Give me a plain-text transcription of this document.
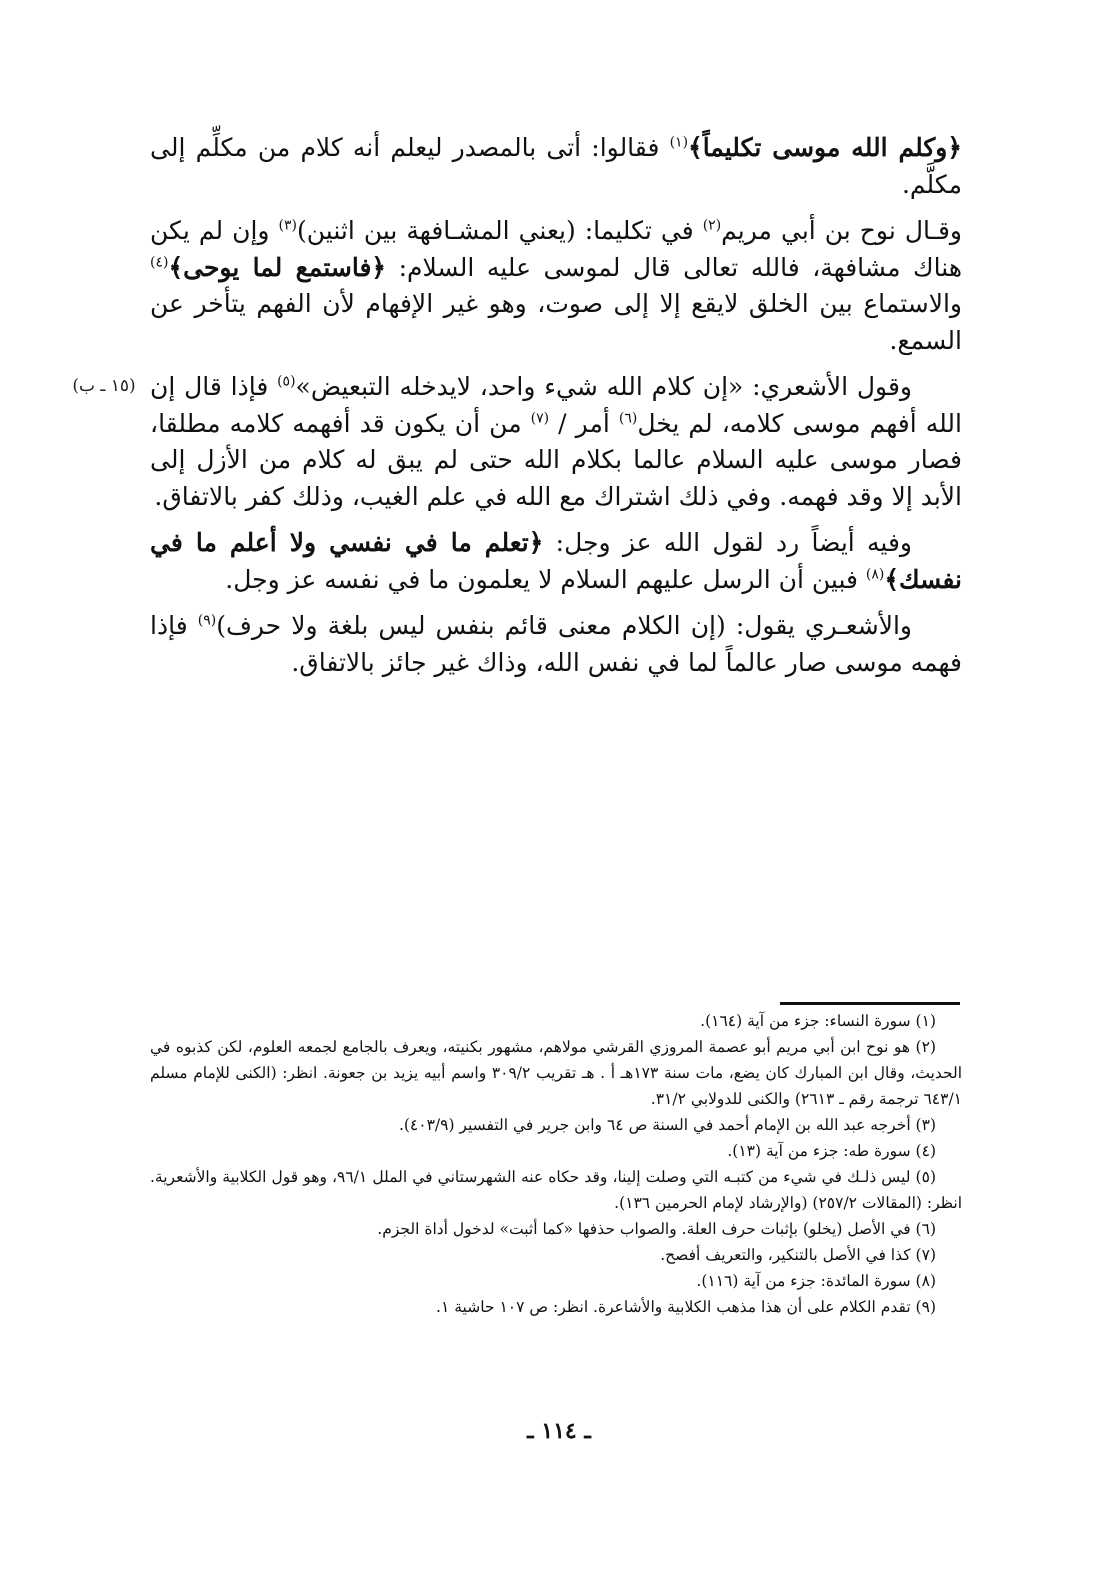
﴿وكلم الله موسى تكليماً﴾$^{(١)}$ فقالوا: أتى بالمصدر ليعلم أنه كلام من مكلِّم إلى مكلَّم.

وقـال نوح بن أبي مريم$^{(٢)}$ في تكليما: (يعني المشـافهة بين اثنين)$^{(٣)}$ وإن لم يكن هناك مشافهة، فالله تعالى قال لموسى عليه السلام: ﴿فاستمع لما يوحى﴾$^{(٤)}$ والاستماع بين الخلق لايقع إلا إلى صوت، وهو غير الإفهام لأن الفهم يتأخر عن السمع.

وقول الأشعري: «إن كلام الله شيء واحد، لايدخله التبعيض»$^{(٥)}$ فإذا قال إن الله أفهم موسى كلامه، لم يخل$^{(٦)}$ أمر / $^{(٧)}$ من أن يكون قد أفهمه كلامه مطلقا، فصار موسى عليه السلام عالما بكلام الله حتى لم يبق له كلام من الأزل إلى الأبد إلا وقد فهمه. وفي ذلك اشتراك مع الله في علم الغيب، وذلك كفر بالاتفاق.

وفيه أيضاً رد لقول الله عز وجل: ﴿تعلم ما في نفسي ولا أعلم ما في نفسك﴾$^{(٨)}$ فبين أن الرسل عليهم السلام لا يعلمون ما في نفسه عز وجل.

والأشعـري يقول: (إن الكلام معنى قائم بنفس ليس بلغة ولا حرف)$^{(٩)}$ فإذا فهمه موسى صار عالماً لما في نفس الله، وذاك غير جائز بالاتفاق.

(١٥ ـ ب)

(١) سورة النساء: جزء من آية (١٦٤).

(٢) هو نوح ابن أبي مريم أبو عصمة المروزي القرشي مولاهم، مشهور بكنيته، ويعرف بالجامع لجمعه العلوم، لكن كذبوه في الحديث، وقال ابن المبارك كان يضع، مات سنة ١٧٣هـ أ . هـ تقريب ٣٠٩/٢ واسم أبيه يزيد بن جعونة. انظر: (الكنى للإمام مسلم ٦٤٣/١ ترجمة رقم ـ ٢٦١٣) والكنى للدولابي ٣١/٢.

(٣) أخرجه عبد الله بن الإمام أحمد في السنة ص ٦٤ وابن جرير في التفسير (٤٠٣/٩).

(٤) سورة طه: جزء من آية (١٣).

(٥) ليس ذلـك في شيء من كتبـه التي وصلت إلينا، وقد حكاه عنه الشهرستاني في الملل ٩٦/١، وهو قول الكلابية والأشعرية. انظر: (المقالات ٢٥٧/٢) (والإرشاد لإمام الحرمين ١٣٦).

(٦) في الأصل (يخلو) بإثبات حرف العلة. والصواب حذفها «كما أثبت» لدخول أداة الجزم.

(٧) كذا في الأصل بالتنكير، والتعريف أفصح.

(٨) سورة المائدة: جزء من آية (١١٦).

(٩) تقدم الكلام على أن هذا مذهب الكلابية والأشاعرة. انظر: ص ١٠٧ حاشية ١.

ـ ١١٤ ـ
